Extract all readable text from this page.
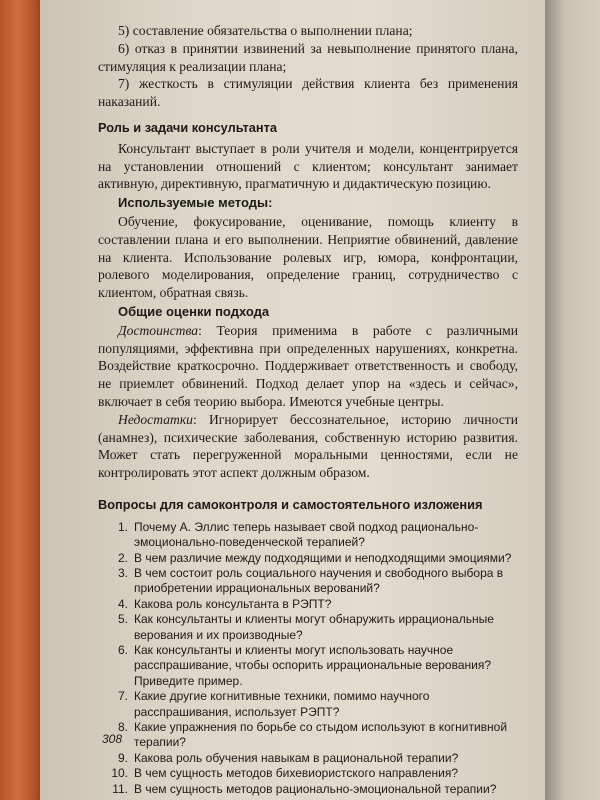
5) составление обязательства о выполнении плана;

6) отказ в принятии извинений за невыполнение принятого плана, стимуляция к реализации плана;

7) жесткость в стимуляции действия клиента без применения наказаний.

Роль и задачи консультанта

Консультант выступает в роли учителя и модели, концентрируется на установлении отношений с клиентом; консультант занимает активную, директивную, прагматичную и дидактическую позицию.

Используемые методы:

Обучение, фокусирование, оценивание, помощь клиенту в составлении плана и его выполнении. Неприятие обвинений, давление на клиента. Использование ролевых игр, юмора, конфронтации, ролевого моделирования, определение границ, сотрудничество с клиентом, обратная связь.

Общие оценки подхода

Достоинства: Теория применима в работе с различными популяциями, эффективна при определенных нарушениях, конкретна. Воздействие краткосрочно. Поддерживает ответственность и свободу, не приемлет обвинений. Подход делает упор на «здесь и сейчас», включает в себя теорию выбора. Имеются учебные центры.

Недостатки: Игнорирует бессознательное, историю личности (анамнез), психические заболевания, собственную историю развития. Может стать перегруженной моральными ценностями, если не контролировать этот аспект должным образом.

Вопросы для самоконтроля и самостоятельного изложения
1. Почему А. Эллис теперь называет свой подход рационально-эмоционально-поведенческой терапией?
2. В чем различие между подходящими и неподходящими эмоциями?
3. В чем состоит роль социального научения и свободного выбора в приобретении иррациональных верований?
4. Какова роль консультанта в РЭПТ?
5. Как консультанты и клиенты могут обнаружить иррациональные верования и их производные?
6. Как консультанты и клиенты могут использовать научное расспрашивание, чтобы оспорить иррациональные верования? Приведите пример.
7. Какие другие когнитивные техники, помимо научного расспрашивания, использует РЭПТ?
8. Какие упражнения по борьбе со стыдом используют в когнитивной терапии?
9. Какова роль обучения навыкам в рациональной терапии?
10. В чем сущность методов бихевиористского направления?
11. В чем сущность методов рационально-эмоциональной терапии?
308
